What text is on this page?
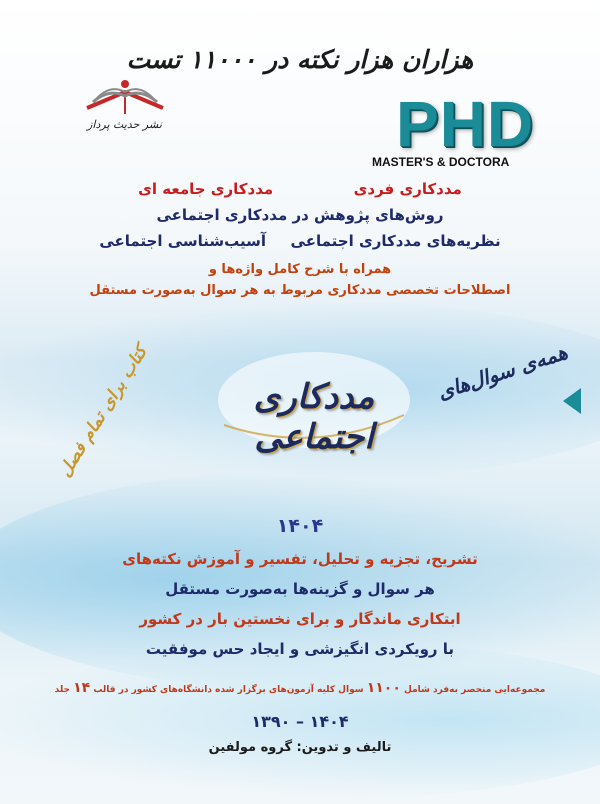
هزاران هزار نکته در ۱۱۰۰۰ تست
نشر حدیث پرداز	PHD
MASTER'S & DOCTORA
مددکاری فردی  مددکاری جامعه ای
روش‌های پژوهش در مددکاری اجتماعی
نظریه‌های مددکاری اجتماعی  آسیب‌شناسی اجتماعی
همراه با شرح کامل واژه‌ها و
اصطلاحات تخصصی مددکاری مربوط به هر سوال به‌صورت مستقل
مددکاری اجتماعی
همه‌ی سوال‌های
کتاب برای تمام فصل
۱۴۰۴
تشریح، تجزیه و تحلیل، تفسیر و آموزش نکته‌های
هر سوال و گزینه‌ها به‌صورت مستقل
ابتکاری ماندگار و برای نخستین بار در کشور
با رویکردی انگیزشی و ایجاد حس موفقیت
مجموعه‌ایی منحصر به‌فرد شامل ۱۱۰۰ سوال کلیه آزمون‌های برگزار شده دانشگاه‌های کشور در قالب ۱۴ جلد
۱۴۰۴ – ۱۳۹۰
تالیف و تدوین: گروه مولفین
